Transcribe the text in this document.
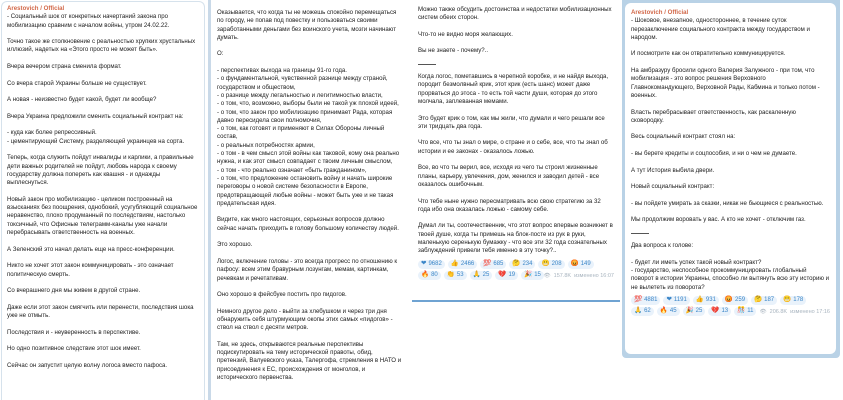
Arestovich / Official

- Социальный шок от конкретных начертаний закона про мобилизацию сравним с началом войны, утром 24.02.22.

Точно такое же столкновение с реальностью хрупких хрустальных иллюзий, надетых на «Этого просто не может быть».

Вчера вечером страна сменила формат.

Со вчера старой Украины больше не существует.

А новая - неизвестно будет какой, будет ли вообще?

Вчера Украина предложили сменить социальный контракт на:

- куда как более репрессивный.
- цементирующий Систему, разделяющей украинцев на сорта.

Теперь, когда служить пойдут инвалиды и карлики, а правильные дети важных родителей не пойдут, любовь народа к своему государству должна попереть как квашня - и однажды выплеснуться.

Новый закон про мобилизацию - целиком построенный на взысканиях без поощрения, однобокий, усугубляющий социальное неравенство, плохо продуманный по последствиям, настолько токсичный, что Офисные телеграмм-каналы уже начали перебрасывать ответственность на военных.

А Зеленский это начал делать еще на пресс-конференции.

Никто не хочет этот закон коммуницировать - это означает политическую смерть.

Со вчерашнего дня мы живем в другой стране.

Даже если этот закон смягчить или перенести, последствия шока уже не отмыть.

Последствия и - неуверенность в перспективе.

Но одно позитивное следствие этот шок имеет.

Сейчас он запустит целую волну логоса вместо пафоса.

Оказывается, что когда ты не можешь спокойно перемещаться по городу, не попав под повестку и пользоваться своими заработанными деньгами без воинского учета, мозги начинают думать.

О:

- перспективах выхода на границы 91-го года.
- о фундаментальной, чувственной разнице между страной, государством и обществом,
- о разнице между легальностью и легитимностью власти,
- о том, что, возможно, выборы были не такой уж плохой идеей,
- о том, что закон про мобилизацию принимает Рада, которая давно пересидела свои полномочия,
- о том, как готовят и применяют в Силах Обороны личный состав,
- о реальных потребностях армии,
- о том - в чем смысл этой войны как таковой, кому она реально нужна, и как этот смысл совпадает с твоим личным смыслом,
- о том - что реально означает «быть гражданином»,
- о том, что предложение остановить войну и начать широкие переговоры о новой системе безопасности в Европе, предотвращающей любые войны - может быть уже и не такая предательская идея.

Видите, как много настоящих, серьезных вопросов должно сейчас начать приходить в голову большому количеству людей.

Это хорошо.

Логос, включение головы - это всегда прогресс по отношению к пафосу: всем этим бравурным лозунгам, мемам, картинкам, речевкам и речетативам.

Оно хорошо в фейсбуке постить про пидогов.

Немного другое дело - выйти за хлебушком и через три дня обнаружить себя штурмующим окопы этих самых «пидогов» - ствол на ствол с десяти метров.

Там, не здесь, открываются реальные перспективы подискутировать на тему исторической правоты, обид, претензий, Валуевского указа, Талергофа, стремления в НАТО и присоединения к ЕС, происхождения от монголов, и исторического первенства.

Можно также обсудить достоинства и недостатки мобилизационных систем обеих сторон.

Что-то не видно моря желающих.

Вы не знаете - почему?..

Когда логос, пометавшись в черепной коробке, и не найдя выхода, породит безмолвный крик, этот крик (есть шанс) может даже прорваться до этоса - то есть той части души, которая до этого молчала, заплеванная мемами.

Это будет крик о том, как мы жили, что думали и чего решали все эти тридцать два года.

Что все, что ты знал о мире, о стране и о себе, все, что ты знал об истории и ее законах - оказалось ложью.

Все, во что ты верил, все, исходя из чего ты строил жизненные планы, карьеру, увлечения, дом, женился и заводил детей - все оказалось ошибочным.

Что тебе ныне нужно пересматривать всю свою стратегию за 32 года ибо она оказалась ложью - самому себе.

Думал ли ты, соотечественник, что этот вопрос впервые возникнет в твоей душе, когда ты примешь на блок-посте из рук в руки, маленькую серенькую бумажку - что все эти 32 года сознательных заблуждений привели тебя именно в эту точку?..

❤ 9682 👍 2466 💯 685 🤔 234 😬 208 😡 149
🔥 80 👏 53 🙏 25 💔 19 🎉 15 👁 157.8K изменено 16:07
Arestovich / Official

- Шоковое, внезапное, одностороннее, в течение суток перезаключение социального контракта между государством и народом.

И посмотрите как он отвратительно коммуницируется.

На амбразуру бросили одного Валерия Залужного - при том, что мобилизация - это вопрос решения Верховного Главнокомандующего, Верховной Рады, Кабмина и только потом - военных.

Власть перебрасывает ответственность, как раскаленную сковородку.

Весь социальный контракт стоял на:

- вы берете кредиты и соцпособия, и ни о чем не думаете.

А тут История выбила двери.

Новый социальный контракт:

- вы пойдете умирать за сказки, никак не бьющиеся с реальностью.

Мы продолжим воровать у вас. А кто не хочет - отключим газ.

Два вопроса к голове:

- будет ли иметь успех такой новый контракт?
- государство, неспособное прокоммуницировать глобальный поворот в истории Украины, способно ли вытянуть всю эту историю и не вылететь из поворота?

💯 4881 ❤ 1191 👍 931 😡 259 🤔 187 😬 178
🙏 62 🔥 45 🎉 25 💔 13 🎊 11 👁 206.8K изменено 17:16
